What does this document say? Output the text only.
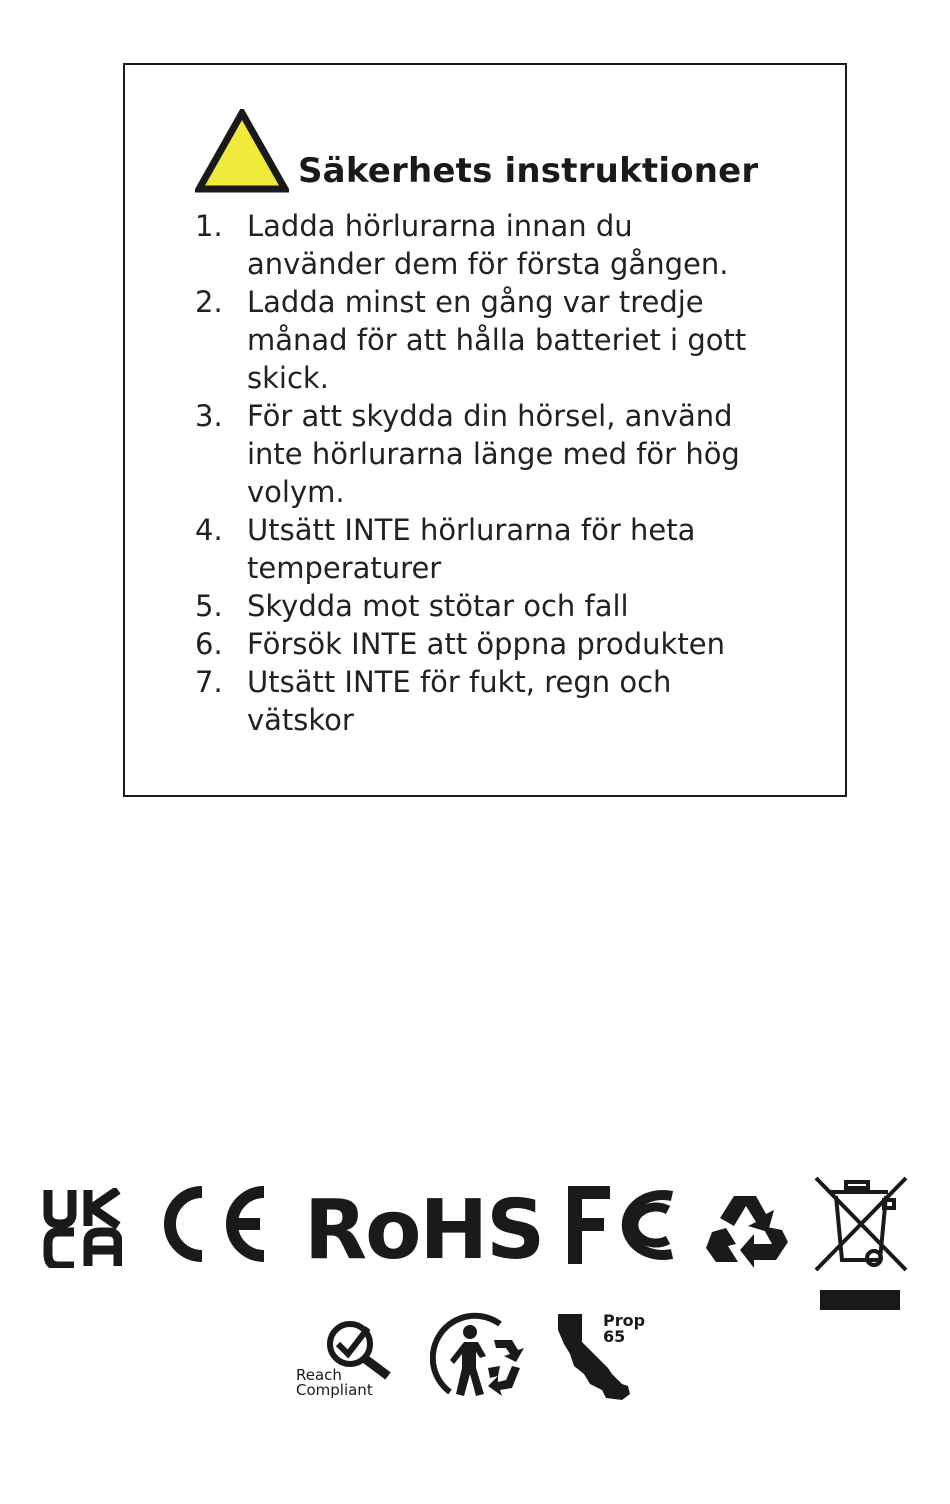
Säkerhets instruktioner
1. Ladda hörlurarna innan du
använder dem för första gången.
2. Ladda minst en gång var tredje
månad för att hålla batteriet i gott
skick.
3. För att skydda din hörsel, använd
inte hörlurarna länge med för hög
volym.
4. Utsätt INTE hörlurarna för heta
temperaturer
5. Skydda mot stötar och fall
6. Försök INTE att öppna produkten
7. Utsätt INTE för fukt, regn och
vätskor
RoHS
Reach
Compliant
Prop
65
